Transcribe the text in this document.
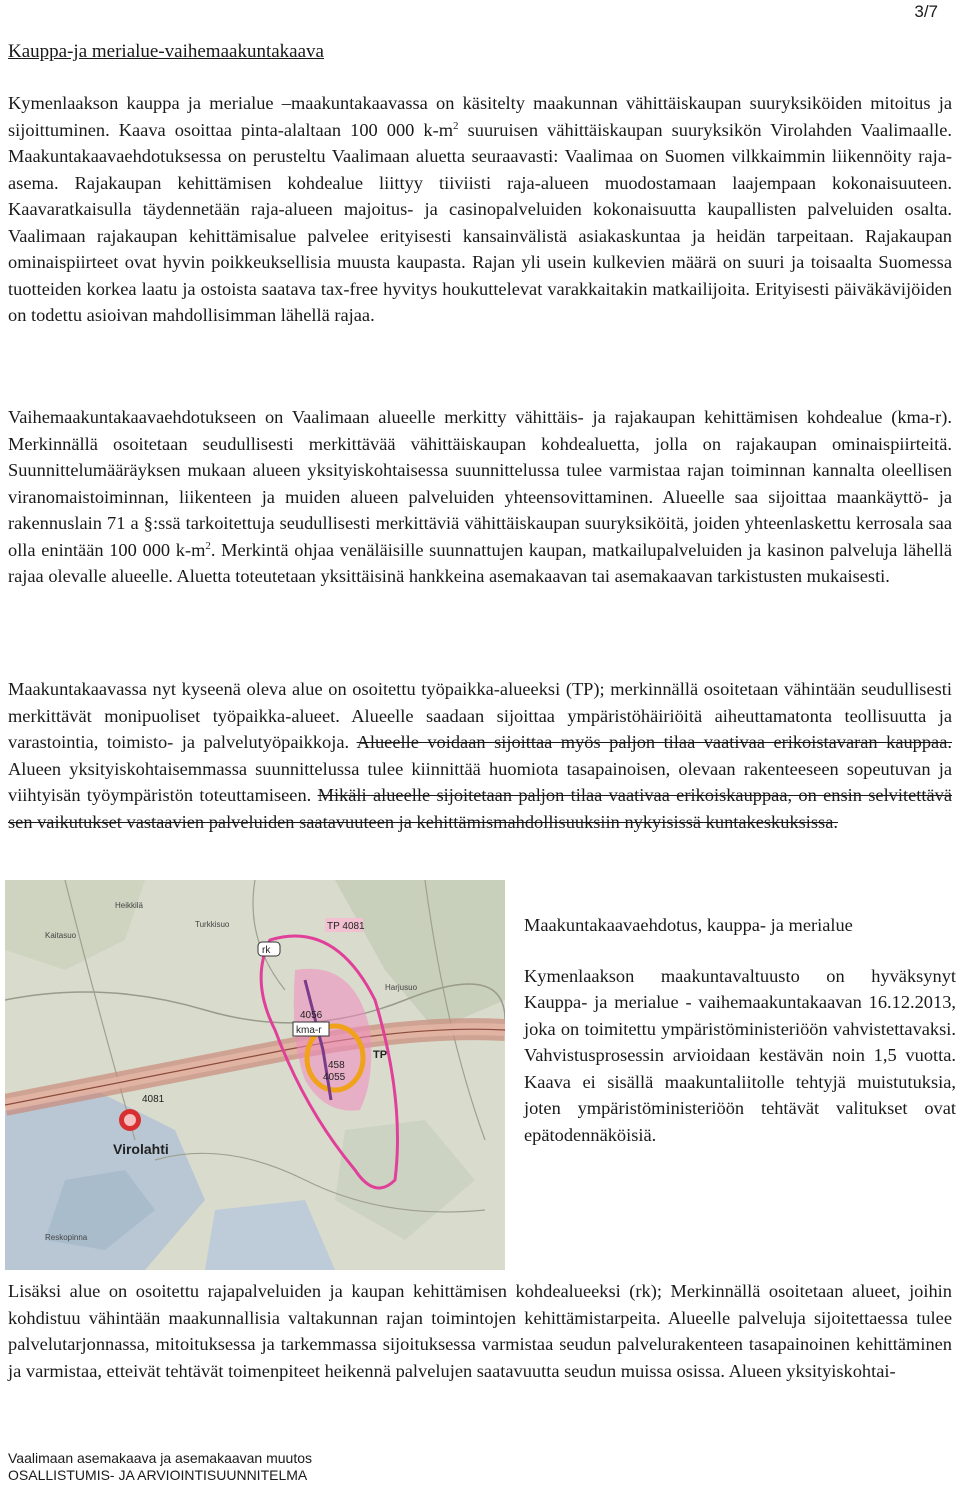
3/7
Kauppa-ja merialue-vaihemaakuntakaava

Kymenlaakson kauppa ja merialue –maakuntakaavassa on käsitelty maakunnan vähittäiskaupan suuryksiköiden mitoitus ja sijoittuminen. Kaava osoittaa pinta-alaltaan 100 000 $k-m^2$ suuruisen vähittäiskaupan suuryksikön Virolahden Vaalimaalle. Maakuntakaavaehdotuksessa on perusteltu Vaalimaan aluetta seuraavasti: Vaalimaa on Suomen vilkkaimmin liikennöity raja-asema. Rajakaupan kehittämisen kohdealue liittyy tiiviisti raja-alueen muodostamaan laajempaan kokonaisuuteen. Kaavaratkaisulla täydennetään raja-alueen majoitus- ja casinopalveluiden kokonaisuutta kaupallisten palveluiden osalta. Vaalimaan rajakaupan kehittämisalue palvelee erityisesti kansainvälistä asiakaskuntaa ja heidän tarpeitaan. Rajakaupan ominaispiirteet ovat hyvin poikkeuksellisia muusta kaupasta. Rajan yli usein kulkevien määrä on suuri ja toisaalta Suomessa tuotteiden korkea laatu ja ostoista saatava tax-free hyvitys houkuttelevat varakkaitakin matkailijoita. Erityisesti päiväkävijöiden on todettu asioivan mahdollisimman lähellä rajaa.

Vaihemaakuntakaavaehdotukseen on Vaalimaan alueelle merkitty vähittäis- ja rajakaupan kehittämisen kohdealue (kma-r). Merkinnällä osoitetaan seudullisesti merkittävää vähittäiskaupan kohdealuetta, jolla on rajakaupan ominaispiirteitä. Suunnittelumääräyksen mukaan alueen yksityiskohtaisessa suunnittelussa tulee varmistaa rajan toiminnan kannalta oleellisen viranomaistoiminnan, liikenteen ja muiden alueen palveluiden yhteensovittaminen. Alueelle saa sijoittaa maankäyttö- ja rakennuslain 71 a §:ssä tarkoitettuja seudullisesti merkittäviä vähittäiskaupan suuryksiköitä, joiden yhteenlaskettu kerrosala saa olla enintään 100 000 $k-m^2$. Merkintä ohjaa venäläisille suunnattujen kaupan, matkailupalveluiden ja kasinon palveluja lähellä rajaa olevalle alueelle. Aluetta toteutetaan yksittäisinä hankkeina asemakaavan tai asemakaavan tarkistusten mukaisesti.

Maakuntakaavassa nyt kyseenä oleva alue on osoitettu työpaikka-alueeksi (TP); merkinnällä osoitetaan vähintään seudullisesti merkittävät monipuoliset työpaikka-alueet. Alueelle saadaan sijoittaa ympäristöhäiriöitä aiheuttamatonta teollisuutta ja varastointia, toimisto- ja palvelutyöpaikkoja. Alueelle voidaan sijoittaa myös paljon tilaa vaativaa erikoistavaran kauppaa. Alueen yksityiskohtaisemmassa suunnittelussa tulee kiinnittää huomiota tasapainoisen, olevaan rakenteeseen sopeutuvan ja viihtyisän työympäristön toteuttamiseen. Mikäli alueelle sijoitetaan paljon tilaa vaativaa erikoiskauppaa, on ensin selvitettävä sen vaikutukset vastaavien palveluiden saatavuuteen ja kehittämismahdollisuuksiin nykyisissä kuntakeskuksissa.

TP 4081
rk
4056
kma-r
TP
458
4055
4081
Virolahti
Turkkisuo
Harjusuo
Heikkilä
Kaitasuo
Reskopinna

Maakuntakaavaehdotus, kauppa- ja merialue

Kymenlaakson maakuntavaltuusto on hyväksynyt Kauppa- ja merialue - vaihemaakuntakaavan 16.12.2013, joka on toimitettu ympäristöministeriöön vahvistettavaksi. Vahvistusprosessin arvioidaan kestävän noin 1,5 vuotta. Kaava ei sisällä maakuntaliitolle tehtyjä muistutuksia, joten ympäristöministeriöön tehtävät valitukset ovat epätodennäköisiä.

Lisäksi alue on osoitettu rajapalveluiden ja kaupan kehittämisen kohdealueeksi (rk); Merkinnällä osoitetaan alueet, joihin kohdistuu vähintään maakunnallisia valtakunnan rajan toimintojen kehittämistarpeita. Alueelle palveluja sijoitettaessa tulee palvelutarjonnassa, mitoituksessa ja tarkemmassa sijoituksessa varmistaa seudun palvelurakenteen tasapainoinen kehittäminen ja varmistaa, etteivät tehtävät toimenpiteet heikennä palvelujen saatavuutta seudun muissa osissa. Alueen yksityiskohtai-

Vaalimaan asemakaava ja asemakaavan muutos
OSALLISTUMIS- JA ARVIOINTISUUNNITELMA
